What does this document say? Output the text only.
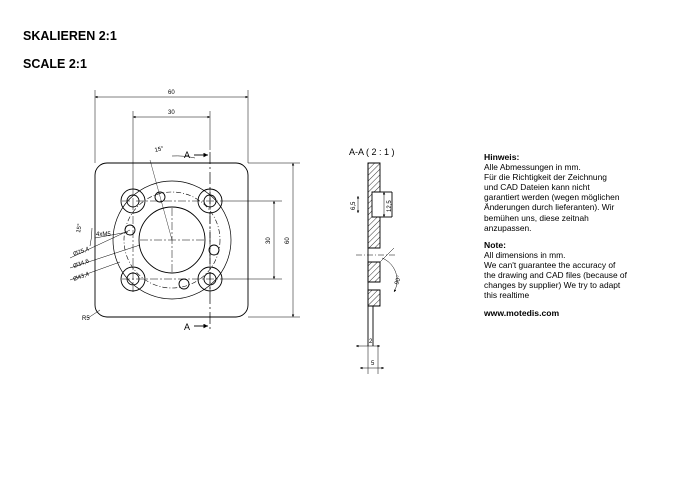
SKALIEREN 2:1
SCALE 2:1
60
30
30 60
15°
15°
4xM5
Ø25,4
Ø34,6
Ø43,4
R5
A
A
A-A ( 2 : 1 )
6,5	12,5
90°
2
5
Hinweis:
Alle Abmessungen in mm.
Für die Richtigkeit der Zeichnung
und CAD Dateien kann nicht
garantiert werden (wegen möglichen
Änderungen durch lieferanten). Wir
bemühen uns, diese zeitnah
anzupassen.
Note:
All dimensions in mm.
We can't guarantee the accuracy of
the drawing and CAD files (because of
changes by supplier) We try to adapt
this realtime
www.motedis.com
